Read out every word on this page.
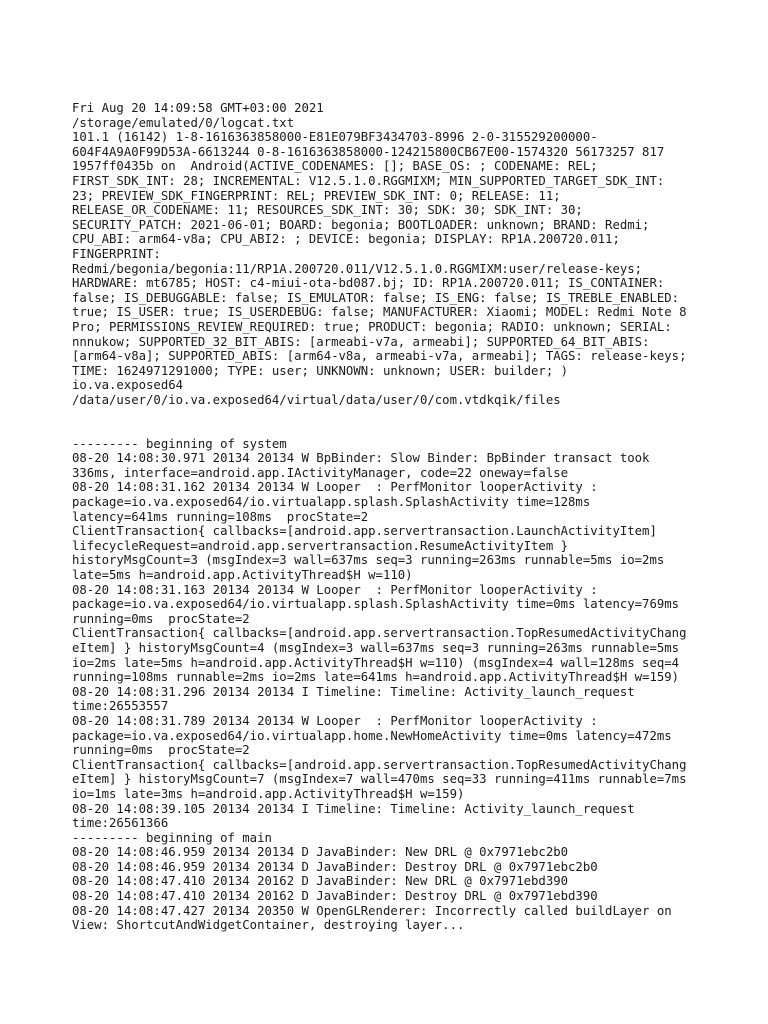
Fri Aug 20 14:09:58 GMT+03:00 2021
/storage/emulated/0/logcat.txt
101.1 (16142) 1-8-1616363858000-E81E079BF3434703-8996 2-0-315529200000-
604F4A9A0F99D53A-6613244 0-8-1616363858000-124215800CB67E00-1574320 56173257 817
1957ff0435b on  Android(ACTIVE_CODENAMES: []; BASE_OS: ; CODENAME: REL;
FIRST_SDK_INT: 28; INCREMENTAL: V12.5.1.0.RGGMIXM; MIN_SUPPORTED_TARGET_SDK_INT:
23; PREVIEW_SDK_FINGERPRINT: REL; PREVIEW_SDK_INT: 0; RELEASE: 11;
RELEASE_OR_CODENAME: 11; RESOURCES_SDK_INT: 30; SDK: 30; SDK_INT: 30;
SECURITY_PATCH: 2021-06-01; BOARD: begonia; BOOTLOADER: unknown; BRAND: Redmi;
CPU_ABI: arm64-v8a; CPU_ABI2: ; DEVICE: begonia; DISPLAY: RP1A.200720.011;
FINGERPRINT:
Redmi/begonia/begonia:11/RP1A.200720.011/V12.5.1.0.RGGMIXM:user/release-keys;
HARDWARE: mt6785; HOST: c4-miui-ota-bd087.bj; ID: RP1A.200720.011; IS_CONTAINER:
false; IS_DEBUGGABLE: false; IS_EMULATOR: false; IS_ENG: false; IS_TREBLE_ENABLED:
true; IS_USER: true; IS_USERDEBUG: false; MANUFACTURER: Xiaomi; MODEL: Redmi Note 8
Pro; PERMISSIONS_REVIEW_REQUIRED: true; PRODUCT: begonia; RADIO: unknown; SERIAL:
nnnukow; SUPPORTED_32_BIT_ABIS: [armeabi-v7a, armeabi]; SUPPORTED_64_BIT_ABIS:
[arm64-v8a]; SUPPORTED_ABIS: [arm64-v8a, armeabi-v7a, armeabi]; TAGS: release-keys;
TIME: 1624971291000; TYPE: user; UNKNOWN: unknown; USER: builder; )
io.va.exposed64
/data/user/0/io.va.exposed64/virtual/data/user/0/com.vtdkqik/files
--------- beginning of system
08-20 14:08:30.971 20134 20134 W BpBinder: Slow Binder: BpBinder transact took
336ms, interface=android.app.IActivityManager, code=22 oneway=false
08-20 14:08:31.162 20134 20134 W Looper  : PerfMonitor looperActivity :
package=io.va.exposed64/io.virtualapp.splash.SplashActivity time=128ms
latency=641ms running=108ms  procState=2
ClientTransaction{ callbacks=[android.app.servertransaction.LaunchActivityItem]
lifecycleRequest=android.app.servertransaction.ResumeActivityItem }
historyMsgCount=3 (msgIndex=3 wall=637ms seq=3 running=263ms runnable=5ms io=2ms
late=5ms h=android.app.ActivityThread$H w=110)
08-20 14:08:31.163 20134 20134 W Looper  : PerfMonitor looperActivity :
package=io.va.exposed64/io.virtualapp.splash.SplashActivity time=0ms latency=769ms
running=0ms  procState=2
ClientTransaction{ callbacks=[android.app.servertransaction.TopResumedActivityChang
eItem] } historyMsgCount=4 (msgIndex=3 wall=637ms seq=3 running=263ms runnable=5ms
io=2ms late=5ms h=android.app.ActivityThread$H w=110) (msgIndex=4 wall=128ms seq=4
running=108ms runnable=2ms io=2ms late=641ms h=android.app.ActivityThread$H w=159)
08-20 14:08:31.296 20134 20134 I Timeline: Timeline: Activity_launch_request
time:26553557
08-20 14:08:31.789 20134 20134 W Looper  : PerfMonitor looperActivity :
package=io.va.exposed64/io.virtualapp.home.NewHomeActivity time=0ms latency=472ms
running=0ms  procState=2
ClientTransaction{ callbacks=[android.app.servertransaction.TopResumedActivityChang
eItem] } historyMsgCount=7 (msgIndex=7 wall=470ms seq=33 running=411ms runnable=7ms
io=1ms late=3ms h=android.app.ActivityThread$H w=159)
08-20 14:08:39.105 20134 20134 I Timeline: Timeline: Activity_launch_request
time:26561366
--------- beginning of main
08-20 14:08:46.959 20134 20134 D JavaBinder: New DRL @ 0x7971ebc2b0
08-20 14:08:46.959 20134 20134 D JavaBinder: Destroy DRL @ 0x7971ebc2b0
08-20 14:08:47.410 20134 20162 D JavaBinder: New DRL @ 0x7971ebd390
08-20 14:08:47.410 20134 20162 D JavaBinder: Destroy DRL @ 0x7971ebd390
08-20 14:08:47.427 20134 20350 W OpenGLRenderer: Incorrectly called buildLayer on
View: ShortcutAndWidgetContainer, destroying layer...
